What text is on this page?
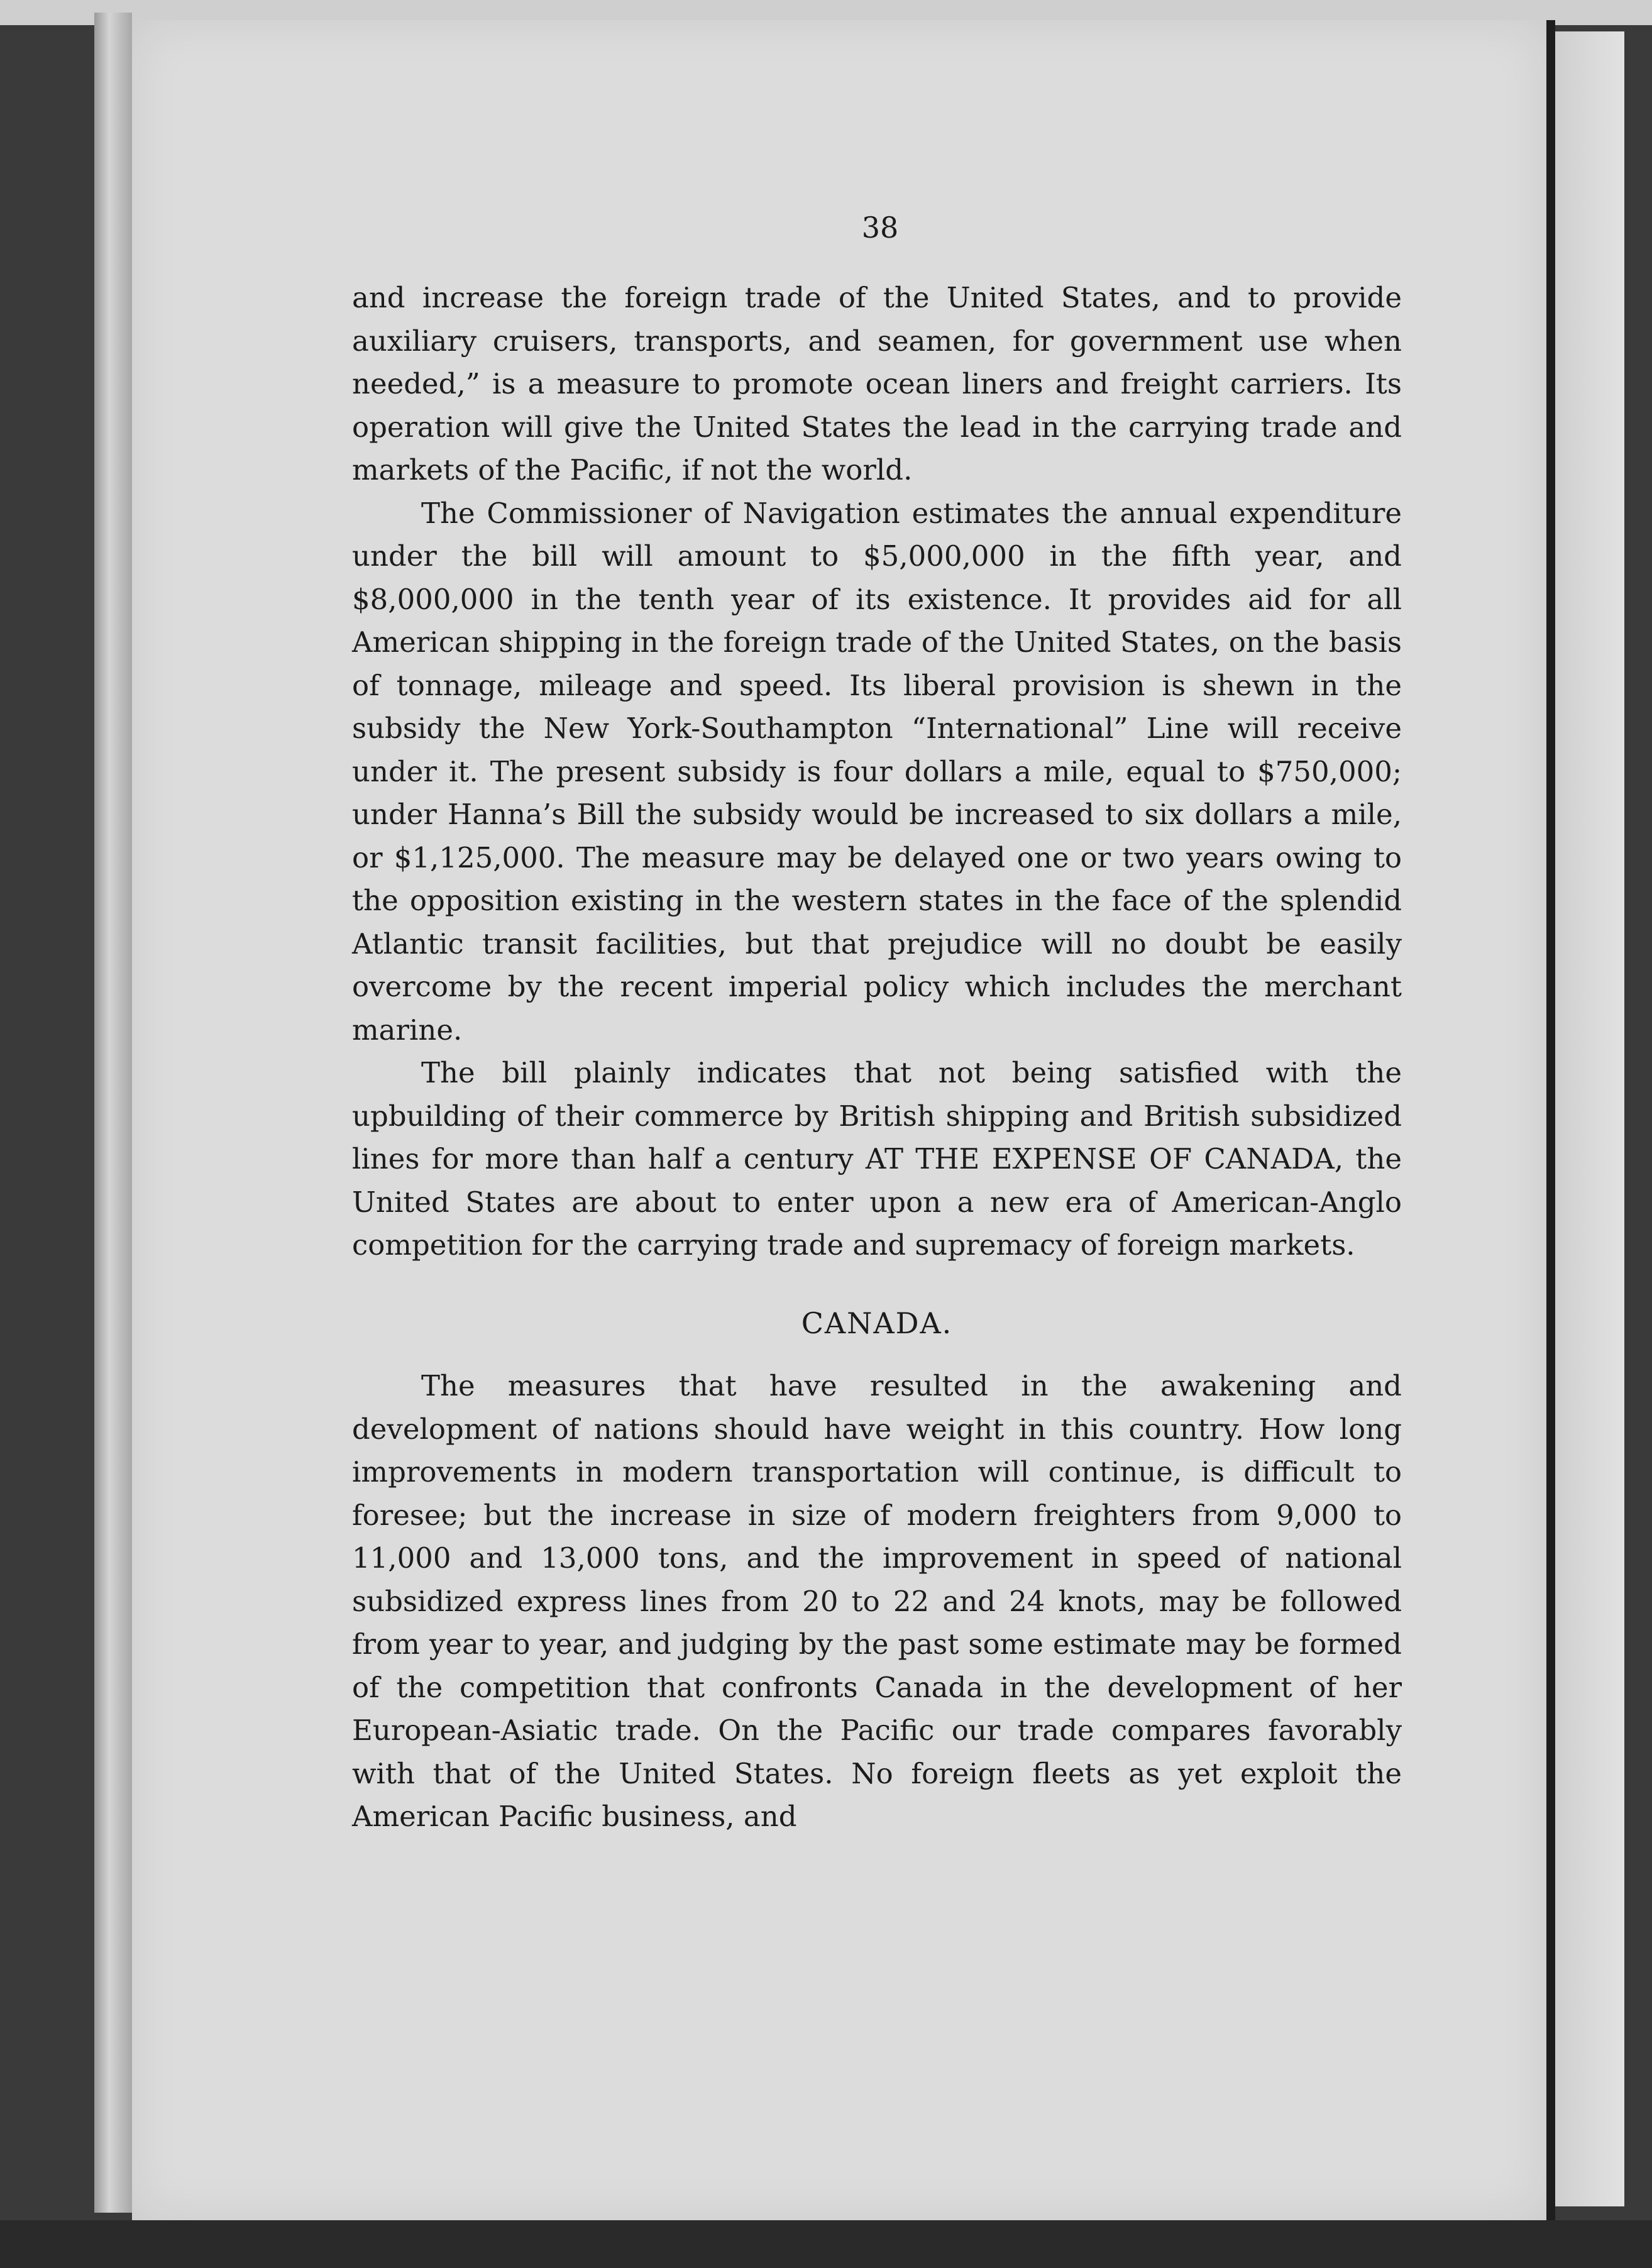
38

and increase the foreign trade of the United States, and to provide auxiliary cruisers, transports, and seamen, for government use when needed,” is a measure to promote ocean liners and freight carriers. Its operation will give the United States the lead in the carrying trade and markets of the Pacific, if not the world.

The Commissioner of Navigation estimates the annual expenditure under the bill will amount to $5,000,000 in the fifth year, and $8,000,000 in the tenth year of its existence. It provides aid for all American shipping in the foreign trade of the United States, on the basis of tonnage, mileage and speed. Its liberal provision is shewn in the subsidy the New York-Southampton “International” Line will receive under it. The present subsidy is four dollars a mile, equal to $750,000; under Hanna’s Bill the subsidy would be increased to six dollars a mile, or $1,125,000. The measure may be delayed one or two years owing to the opposition existing in the western states in the face of the splendid Atlantic transit facilities, but that prejudice will no doubt be easily overcome by the recent imperial policy which includes the merchant marine.

The bill plainly indicates that not being satisfied with the upbuilding of their commerce by British shipping and British subsidized lines for more than half a century AT THE EXPENSE OF CANADA, the United States are about to enter upon a new era of American-Anglo competition for the carrying trade and supremacy of foreign markets.

CANADA.

The measures that have resulted in the awakening and development of nations should have weight in this country. How long improvements in modern transportation will continue, is difficult to foresee; but the increase in size of modern freighters from 9,000 to 11,000 and 13,000 tons, and the improvement in speed of national subsidized express lines from 20 to 22 and 24 knots, may be followed from year to year, and judging by the past some estimate may be formed of the competition that confronts Canada in the development of her European-Asiatic trade. On the Pacific our trade compares favorably with that of the United States. No foreign fleets as yet exploit the American Pacific business, and
